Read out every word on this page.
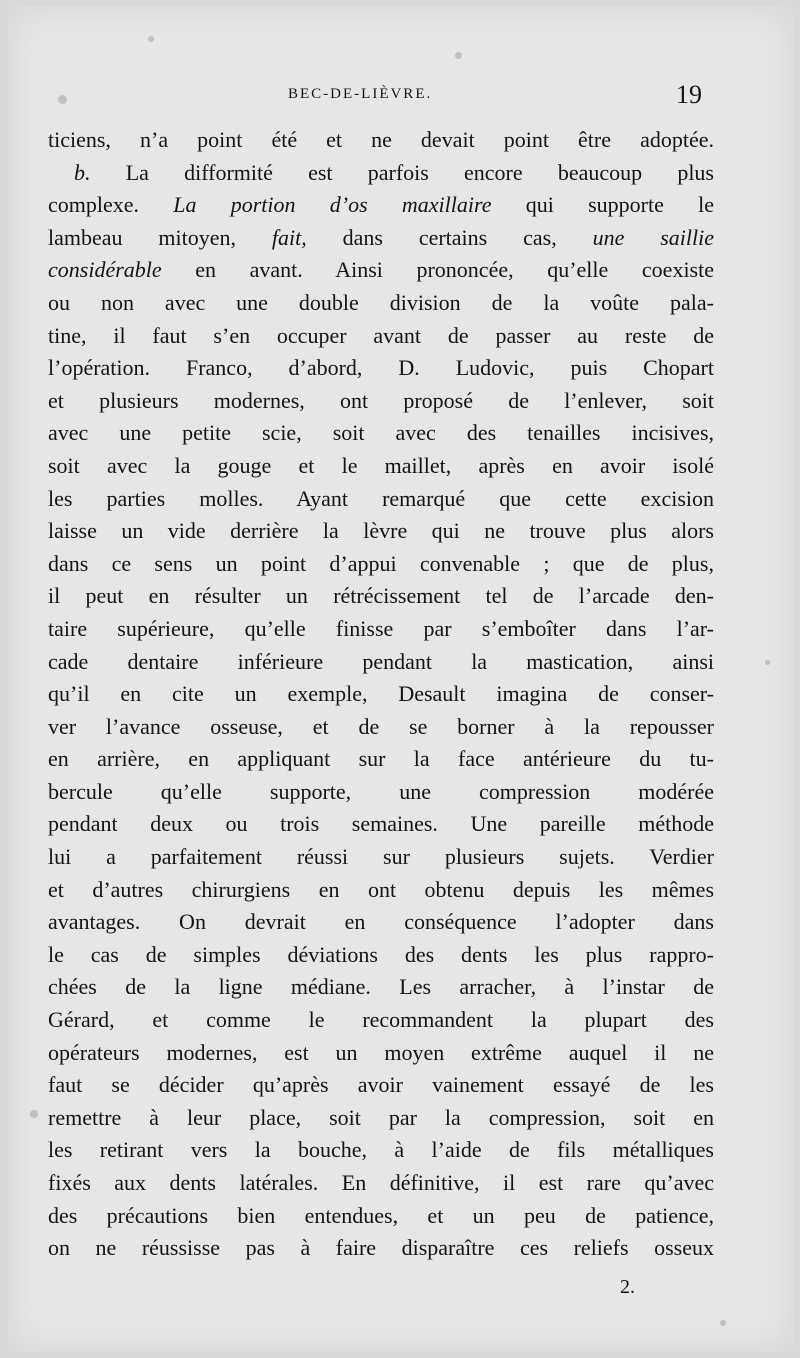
BEC-DE-LIÈVRE.	19
ticiens, n’a point été et ne devait point être adoptée.
b. La difformité est parfois encore beaucoup plus
complexe. La portion d’os maxillaire qui supporte le
lambeau mitoyen, fait, dans certains cas, une saillie
considérable en avant. Ainsi prononcée, qu’elle coexiste
ou non avec une double division de la voûte pala-
tine, il faut s’en occuper avant de passer au reste de
l’opération. Franco, d’abord, D. Ludovic, puis Chopart
et plusieurs modernes, ont proposé de l’enlever, soit
avec une petite scie, soit avec des tenailles incisives,
soit avec la gouge et le maillet, après en avoir isolé
les parties molles. Ayant remarqué que cette excision
laisse un vide derrière la lèvre qui ne trouve plus alors
dans ce sens un point d’appui convenable ; que de plus,
il peut en résulter un rétrécissement tel de l’arcade den-
taire supérieure, qu’elle finisse par s’emboîter dans l’ar-
cade dentaire inférieure pendant la mastication, ainsi
qu’il en cite un exemple, Desault imagina de conser-
ver l’avance osseuse, et de se borner à la repousser
en arrière, en appliquant sur la face antérieure du tu-
bercule qu’elle supporte, une compression modérée
pendant deux ou trois semaines. Une pareille méthode
lui a parfaitement réussi sur plusieurs sujets. Verdier
et d’autres chirurgiens en ont obtenu depuis les mêmes
avantages. On devrait en conséquence l’adopter dans
le cas de simples déviations des dents les plus rappro-
chées de la ligne médiane. Les arracher, à l’instar de
Gérard, et comme le recommandent la plupart des
opérateurs modernes, est un moyen extrême auquel il ne
faut se décider qu’après avoir vainement essayé de les
remettre à leur place, soit par la compression, soit en
les retirant vers la bouche, à l’aide de fils métalliques
fixés aux dents latérales. En définitive, il est rare qu’avec
des précautions bien entendues, et un peu de patience,
on ne réussisse pas à faire disparaître ces reliefs osseux
2.
